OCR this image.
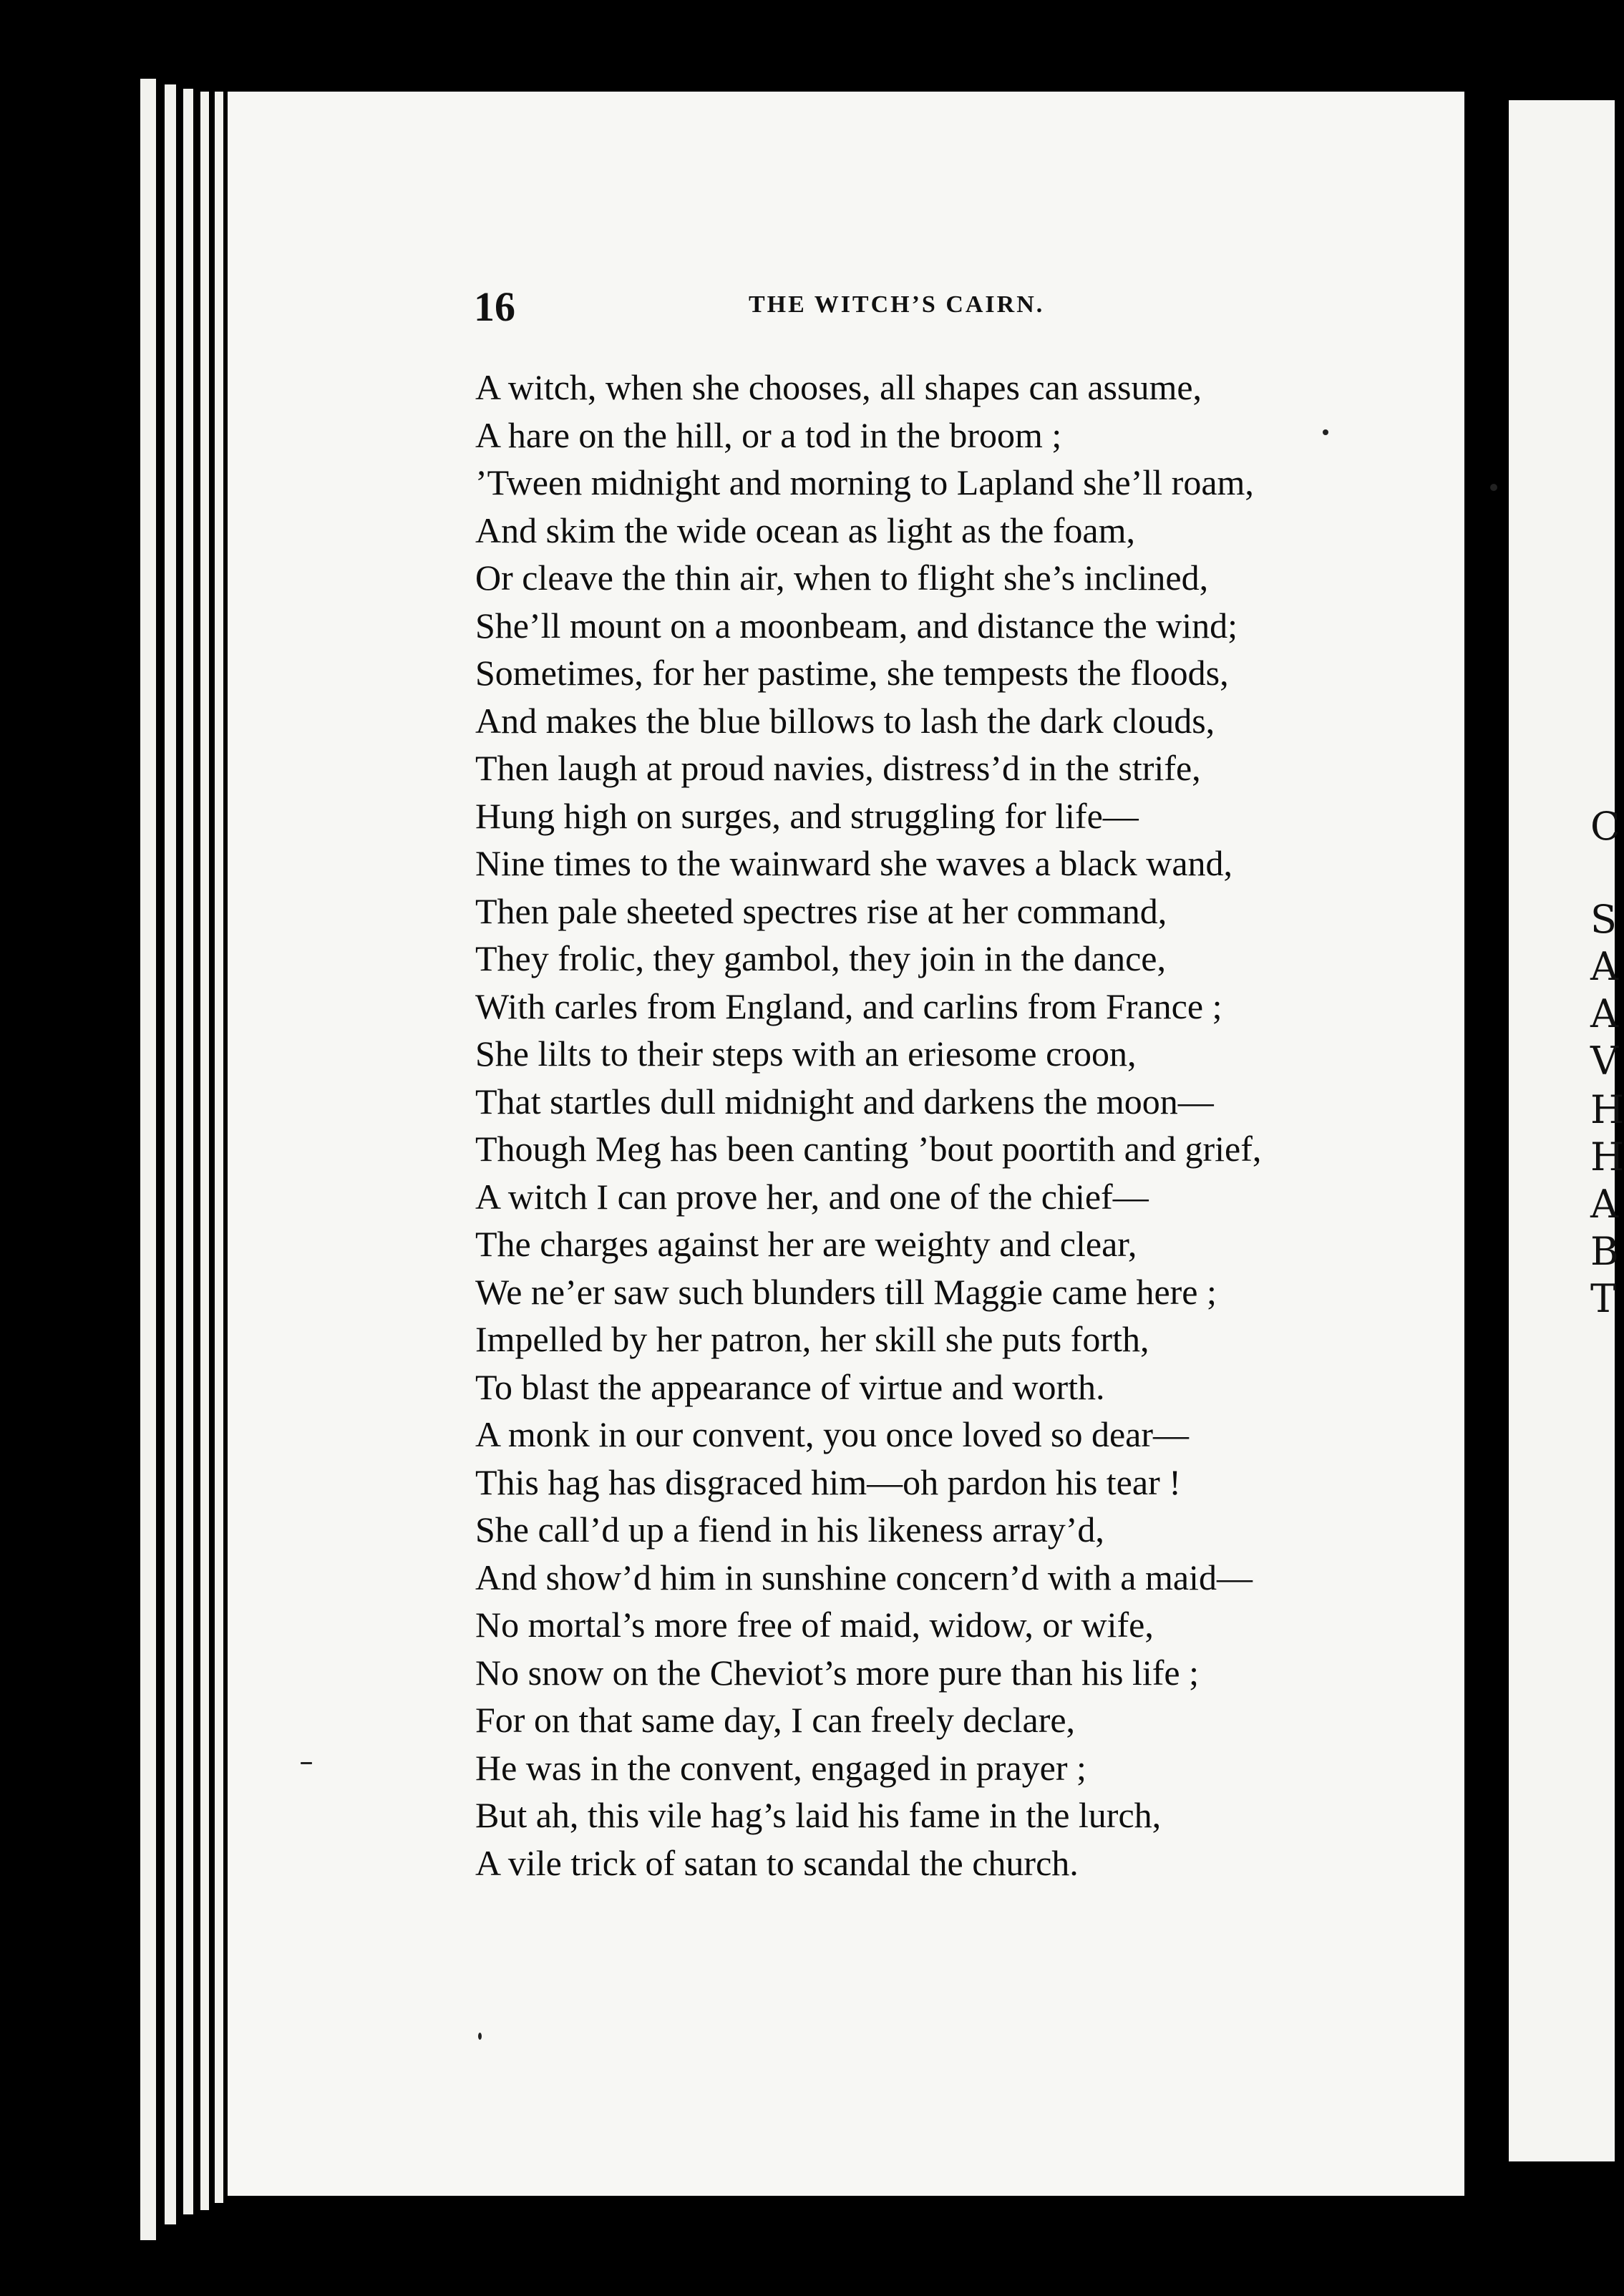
C
S
A
A
V
H
H
A
B
T
16	THE WITCH’S CAIRN.
A witch, when she chooses, all shapes can assume,
A hare on the hill, or a tod in the broom ;
’Tween midnight and morning to Lapland she’ll roam,
And skim the wide ocean as light as the foam,
Or cleave the thin air, when to flight she’s inclined,
She’ll mount on a moonbeam, and distance the wind;
Sometimes, for her pastime, she tempests the floods,
And makes the blue billows to lash the dark clouds,
Then laugh at proud navies, distress’d in the strife,
Hung high on surges, and struggling for life—
Nine times to the wainward she waves a black wand,
Then pale sheeted spectres rise at her command,
They frolic, they gambol, they join in the dance,
With carles from England, and carlins from France ;
She lilts to their steps with an eriesome croon,
That startles dull midnight and darkens the moon—
Though Meg has been canting ’bout poortith and grief,
A witch I can prove her, and one of the chief—
The charges against her are weighty and clear,
We ne’er saw such blunders till Maggie came here ;
Impelled by her patron, her skill she puts forth,
To blast the appearance of virtue and worth.
A monk in our convent, you once loved so dear—
This hag has disgraced him—oh pardon his tear !
She call’d up a fiend in his likeness array’d,
And show’d him in sunshine concern’d with a maid—
No mortal’s more free of maid, widow, or wife,
No snow on the Cheviot’s more pure than his life ;
For on that same day, I can freely declare,
He was in the convent, engaged in prayer ;
But ah, this vile hag’s laid his fame in the lurch,
A vile trick of satan to scandal the church.
